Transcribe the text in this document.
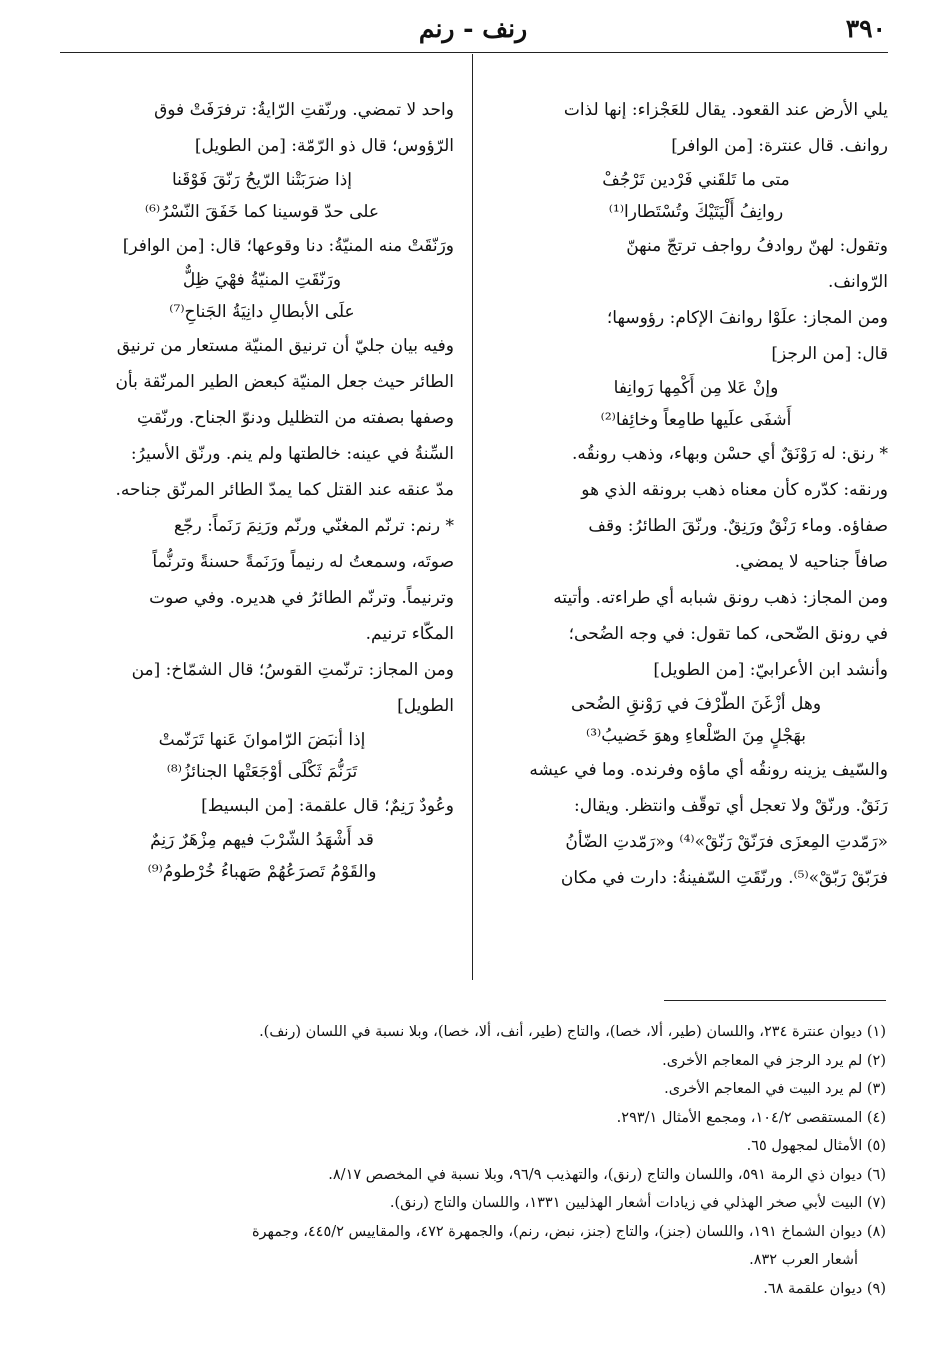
٣٩٠
رنف - رنم
يلي الأرض عند القعود. يقال للعَجْزاء: إنها لذات
روانف. قال عنترة: [من الوافر]
متى ما تَلقَني فَرْدين تَرْجُفْ
روانِفُ أَلْيَتَيْكَ وتُسْتَطارا⁽¹⁾
وتقول: لهنّ روادفُ رواجف ترتجّ منهنّ
الرّوانف.
ومن المجاز: علَوْا روانفَ الإكام: رؤوسها؛
قال: [من الرجز]
وإنْ عَلا مِن أَكْمِها رَوانِفا
أَشفَى علَيها طامِعاً وخائِفا⁽²⁾
* رنق: له رَوْنَقٌ أي حسْن وبهاء، وذهب رونقُه.
ورنقه: كدّره كأن معناه ذهب برونقه الذي هو
صفاؤه. وماء رَنْقٌ ورَنِقٌ. ورنّقَ الطائرُ: وقف
صافاً جناحيه لا يمضي.
ومن المجاز: ذهب رونق شبابه أي طراءته. وأتيته
في رونق الضّحى، كما تقول: في وجه الضُحى؛
وأنشد ابن الأعرابيّ: [من الطويل]
وهل أزْغَنَ الطّرْفَ في رَوْنقِ الضُحى
بهَجْلٍ مِنَ الصّلْعاءِ وهوَ خَضيبُ⁽³⁾
والسّيف يزينه رونقُه أي ماؤه وفرنده. وما في عيشه
رَنَقٌ. ورنّقْ ولا تعجل أي توقّف وانتظر. ويقال:
«رَمّدتِ المِعزَى فرَنّقْ رَنّقْ»⁽⁴⁾ و«رَمّدتِ الضّأنُ
فرَبّقْ رَبّقْ»⁽⁵⁾. ورنّقَتِ السّفينةُ: دارت في مكان
واحد لا تمضي. ورنّقتِ الرّايةُ: ترفرَفَتْ فوق
الرّؤوس؛ قال ذو الرّمّة: [من الطويل]
إذا ضرَبَتْنا الرّيحُ رَنّقَ فَوْقَنا
على حدّ قوسينا كما خَفَقَ النّسْرُ⁽⁶⁾
ورَنّقَتْ منه المنيّةُ: دنا وقوعها؛ قال: [من الوافر]
ورَنّقَتِ المنيّةُ فهْيَ ظِلٌّ
علَى الأبطالِ دانِيَةُ الجَناحِ⁽⁷⁾
وفيه بيان جليّ أن ترنيق المنيّة مستعار من ترنيق
الطائر حيث جعل المنيّة كبعض الطير المرنّقة بأن
وصفها بصفته من التظليل ودنوّ الجناح. ورنّقتِ
السِّنةُ في عينه: خالطتها ولم ينم. ورنّق الأسيرُ:
مدّ عنقه عند القتل كما يمدّ الطائر المرنّق جناحه.
* رنم: ترنّم المغنّي ورنّم ورَنِمَ رَنَماً: رجّع
صوتَه، وسمعتُ له رنيماً ورَنَمةً حسنةً وترنُّماً
وترنيماً. وترنّم الطائرُ في هديره. وفي صوت
المكّاء ترنيم.
ومن المجاز: ترنّمتِ القوسُ؛ قال الشمّاخ: [من
الطويل]
إذا أنبَضَ الرّاموانَ عَنها تَرَنّمتْ
تَرَنُّمَ ثَكْلَى أوْجَعَتْها الجنائزُ⁽⁸⁾
وعُودٌ رَنِمٌ؛ قال علقمة: [من البسيط]
قد أَشْهَدُ الشّرْبَ فيهم مِزْهَرٌ رَنِمٌ
والقَوْمُ تَصرَعُهُمْ صَهباءُ خُرْطومُ⁽⁹⁾
(١) ديوان عنترة ٢٣٤، واللسان (طير، ألا، خصا)، والتاج (طير، أنف، ألا، خصا)، وبلا نسبة في اللسان (رنف).
(٢) لم يرد الرجز في المعاجم الأخرى.
(٣) لم يرد البيت في المعاجم الأخرى.
(٤) المستقصى ١٠٤/٢، ومجمع الأمثال ٢٩٣/١.
(٥) الأمثال لمجهول ٦٥.
(٦) ديوان ذي الرمة ٥٩١، واللسان والتاج (رنق)، والتهذيب ٩٦/٩، وبلا نسبة في المخصص ٨/١٧.
(٧) البيت لأبي صخر الهذلي في زيادات أشعار الهذليين ١٣٣١، واللسان والتاج (رنق).
(٨) ديوان الشماخ ١٩١، واللسان (جنز)، والتاج (جنز، نبض، رنم)، والجمهرة ٤٧٢، والمقاييس ٤٤٥/٢، وجمهرة
أشعار العرب ٨٣٢.
(٩) ديوان علقمة ٦٨.
